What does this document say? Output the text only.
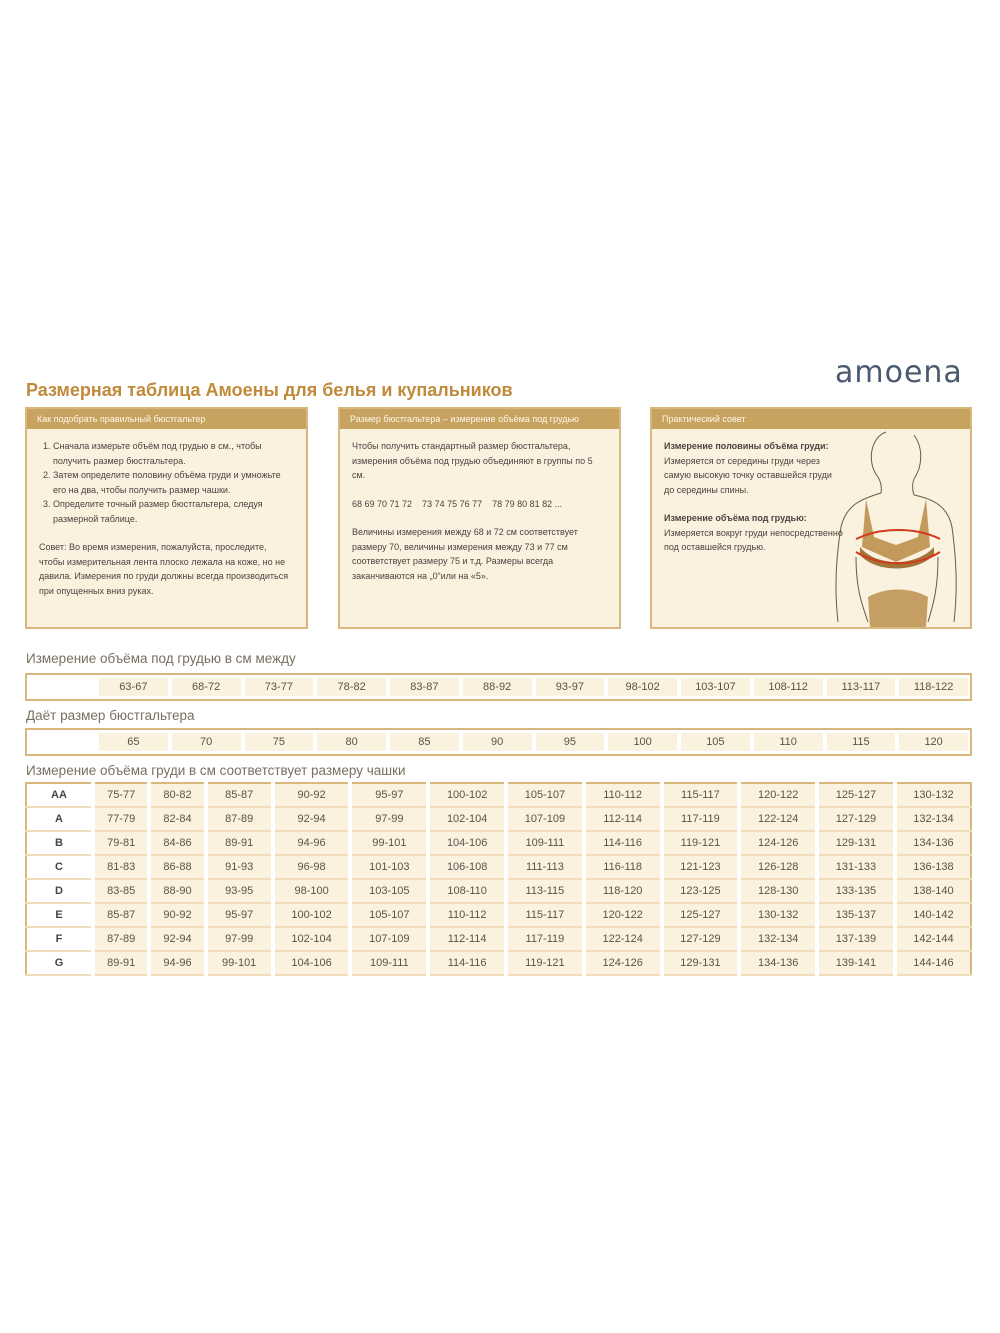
amoena
Размерная таблица Амоены для белья и купальников
Как подобрать правильный бюстгальтер
1. Сначала измерьте объём под грудью в см., чтобы получить размер бюстгальтера.
2. Затем определите половину объёма груди и умножьте его на два, чтобы получить размер чашки.
3. Определите точный размер бюстгальтера, следуя размерной таблице.
Совет: Во время измерения, пожалуйста, проследите, чтобы измерительная лента плоско лежала на коже, но не давила. Измерения по груди должны всегда производиться при опущенных вниз руках.
Размер бюстгальтера – измерение объёма под грудью
Чтобы получить стандартный размер бюстгальтера, измерения объёма под грудью объединяют в группы по 5 см.
68 69 70 71 72    73 74 75 76 77    78 79 80 81 82 ...
Величины измерения между 68 и 72 см соответствует размеру 70, величины измерения между 73 и 77 см соответствует размеру 75 и т.д. Размеры всегда заканчиваются на „0“или на «5».
Практический совет
Измерение половины объёма груди:
Измеряется от середины груди через самую высокую точку оставшейся груди до середины спины.
Измерение объёма под грудью:
Измеряется вокруг груди непосредственно под оставшейся грудью.
Измерение объёма под грудью в см между
63-67	68-72	73-77	78-82	83-87	88-92	93-97	98-102	103-107	108-112	113-117	118-122
Даёт размер бюстгальтера
65	70	75	80	85	90	95	100	105	110	115	120
Измерение объёма груди в см соответствует размеру чашки
AA	75-77	80-82	85-87	90-92	95-97	100-102	105-107	110-112	115-117	120-122	125-127	130-132
A	77-79	82-84	87-89	92-94	97-99	102-104	107-109	112-114	117-119	122-124	127-129	132-134
B	79-81	84-86	89-91	94-96	99-101	104-106	109-111	114-116	119-121	124-126	129-131	134-136
C	81-83	86-88	91-93	96-98	101-103	106-108	111-113	116-118	121-123	126-128	131-133	136-138
D	83-85	88-90	93-95	98-100	103-105	108-110	113-115	118-120	123-125	128-130	133-135	138-140
E	85-87	90-92	95-97	100-102	105-107	110-112	115-117	120-122	125-127	130-132	135-137	140-142
F	87-89	92-94	97-99	102-104	107-109	112-114	117-119	122-124	127-129	132-134	137-139	142-144
G	89-91	94-96	99-101	104-106	109-111	114-116	119-121	124-126	129-131	134-136	139-141	144-146
